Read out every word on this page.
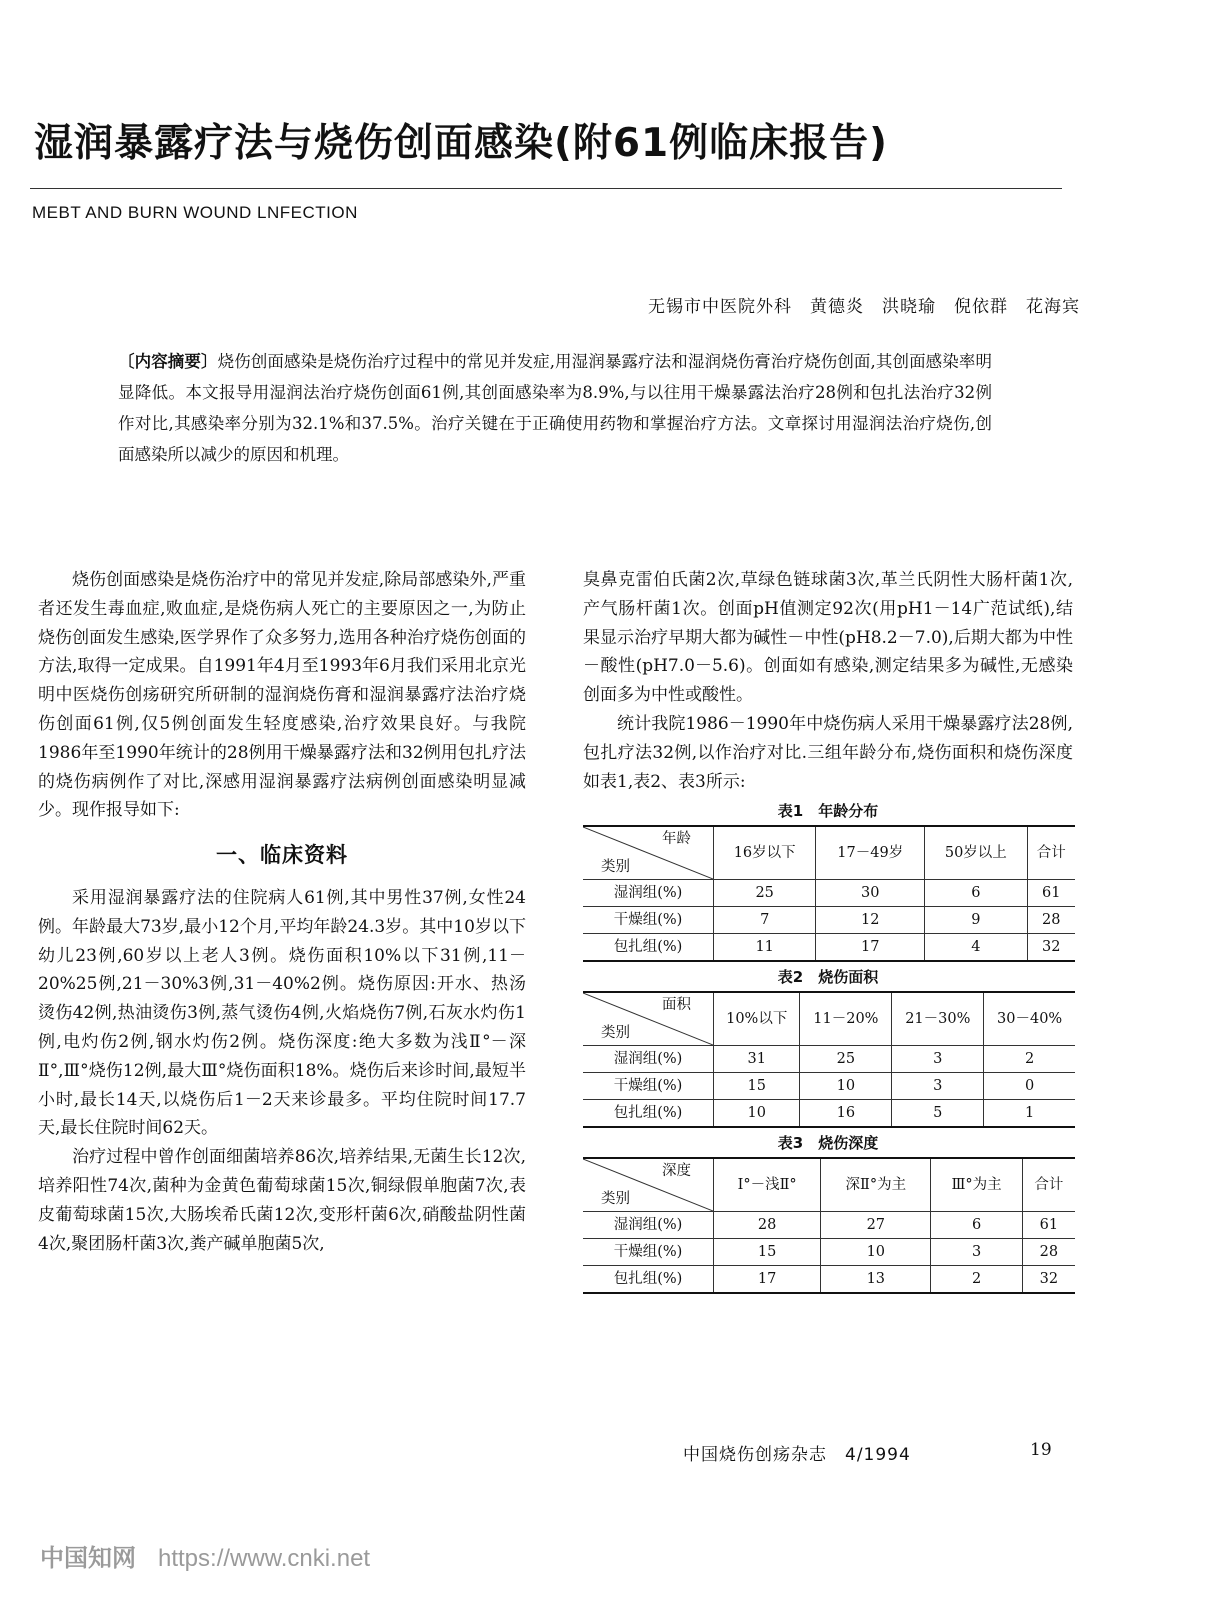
湿润暴露疗法与烧伤创面感染(附61例临床报告)
MEBT AND BURN WOUND LNFECTION
无锡市中医院外科　黄德炎　洪晓瑜　倪依群　花海宾
〔内容摘要〕烧伤创面感染是烧伤治疗过程中的常见并发症,用湿润暴露疗法和湿润烧伤膏治疗烧伤创面,其创面感染率明显降低。本文报导用湿润法治疗烧伤创面61例,其创面感染率为8.9%,与以往用干燥暴露法治疗28例和包扎法治疗32例作对比,其感染率分别为32.1%和37.5%。治疗关键在于正确使用药物和掌握治疗方法。文章探讨用湿润法治疗烧伤,创面感染所以减少的原因和机理。

烧伤创面感染是烧伤治疗中的常见并发症,除局部感染外,严重者还发生毒血症,败血症,是烧伤病人死亡的主要原因之一,为防止烧伤创面发生感染,医学界作了众多努力,选用各种治疗烧伤创面的方法,取得一定成果。自1991年4月至1993年6月我们采用北京光明中医烧伤创疡研究所研制的湿润烧伤膏和湿润暴露疗法治疗烧伤创面61例,仅5例创面发生轻度感染,治疗效果良好。与我院1986年至1990年统计的28例用干燥暴露疗法和32例用包扎疗法的烧伤病例作了对比,深感用湿润暴露疗法病例创面感染明显减少。现作报导如下:

一、临床资料

采用湿润暴露疗法的住院病人61例,其中男性37例,女性24例。年龄最大73岁,最小12个月,平均年龄24.3岁。其中10岁以下幼儿23例,60岁以上老人3例。烧伤面积10%以下31例,11－20%25例,21－30%3例,31－40%2例。烧伤原因:开水、热汤烫伤42例,热油烫伤3例,蒸气烫伤4例,火焰烧伤7例,石灰水灼伤1例,电灼伤2例,钢水灼伤2例。烧伤深度:绝大多数为浅Ⅱ°－深Ⅱ°,Ⅲ°烧伤12例,最大Ⅲ°烧伤面积18%。烧伤后来诊时间,最短半小时,最长14天,以烧伤后1－2天来诊最多。平均住院时间17.7天,最长住院时间62天。

治疗过程中曾作创面细菌培养86次,培养结果,无菌生长12次,培养阳性74次,菌种为金黄色葡萄球菌15次,铜绿假单胞菌7次,表皮葡萄球菌15次,大肠埃希氏菌12次,变形杆菌6次,硝酸盐阴性菌4次,聚团肠杆菌3次,粪产碱单胞菌5次,

臭鼻克雷伯氏菌2次,草绿色链球菌3次,革兰氏阴性大肠杆菌1次,产气肠杆菌1次。创面pH值测定92次(用pH1－14广范试纸),结果显示治疗早期大都为碱性－中性(pH8.2－7.0),后期大都为中性－酸性(pH7.0－5.6)。创面如有感染,测定结果多为碱性,无感染创面多为中性或酸性。

统计我院1986－1990年中烧伤病人采用干燥暴露疗法28例,包扎疗法32例,以作治疗对比.三组年龄分布,烧伤面积和烧伤深度如表1,表2、表3所示:

表1　年龄分布
年龄
类别	16岁以下	17－49岁	50岁以上	合计
湿润组(%)	25	30	6	61
干燥组(%)	7	12	9	28
包扎组(%)	11	17	4	32
表2　烧伤面积
面积
类别	10%以下	11－20%	21－30%	30－40%
湿润组(%)	31	25	3	2
干燥组(%)	15	10	3	0
包扎组(%)	10	16	5	1
表3　烧伤深度
深度
类别	Ⅰ°－浅Ⅱ°	深Ⅱ°为主	Ⅲ°为主	合计
湿润组(%)	28	27	6	61
干燥组(%)	15	10	3	28
包扎组(%)	17	13	2	32
中国烧伤创疡杂志　4/1994	19
中国知网 https://www.cnki.net
